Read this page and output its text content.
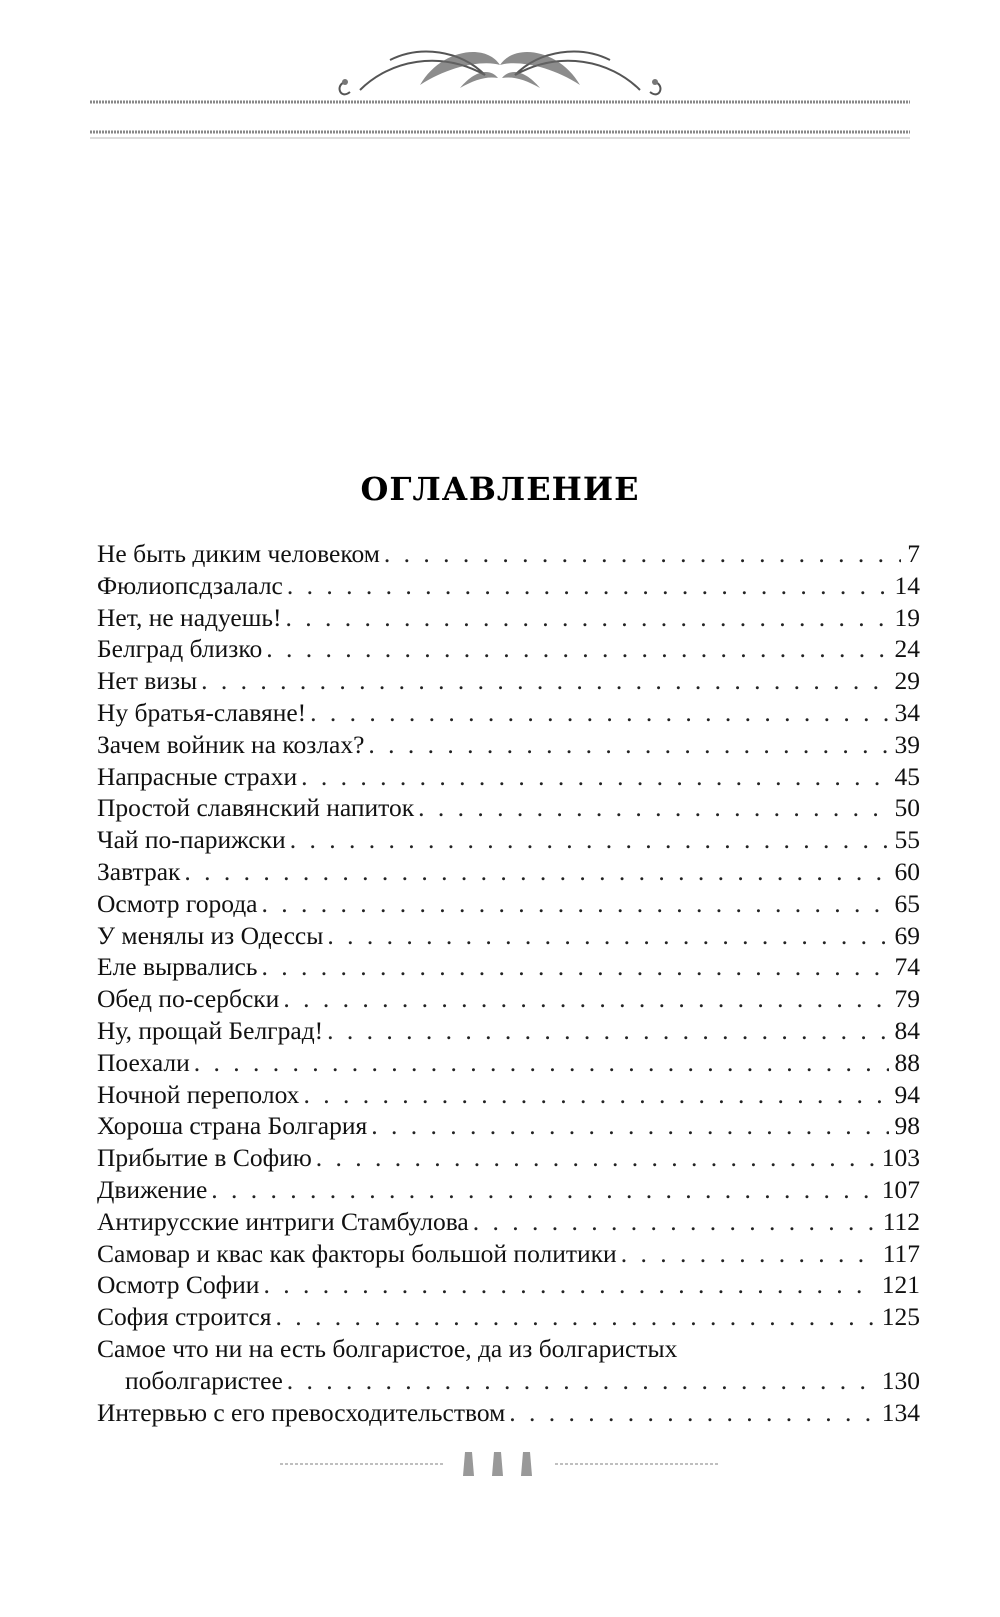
ОГЛАВЛЕНИЕ
Не быть диким человеком . . .	7
Фюлиопсдзалалс . . .	14
Нет, не надуешь! . . .	19
Белград близко . . .	24
Нет визы . . .	29
Ну братья-славяне! . . .	34
Зачем войник на козлах? . . .	39
Напрасные страхи . . .	45
Простой славянский напиток . . .	50
Чай по-парижски . . .	55
Завтрак . . .	60
Осмотр города . . .	65
У менялы из Одессы . . .	69
Еле вырвались . . .	74
Обед по-сербски . . .	79
Ну, прощай Белград! . . .	84
Поехали . . .	88
Ночной переполох . . .	94
Хороша страна Болгария . . .	98
Прибытие в Софию . . .	103
Движение . . .	107
Антирусские интриги Стамбулова . . .	112
Самовар и квас как факторы большой политики . . .	117
Осмотр Софии . . .	121
София строится . . .	125
Самое что ни на есть болгаристое, да из болгаристых
поболгаристее . . .	130
Интервью с его превосходительством . . .	134
